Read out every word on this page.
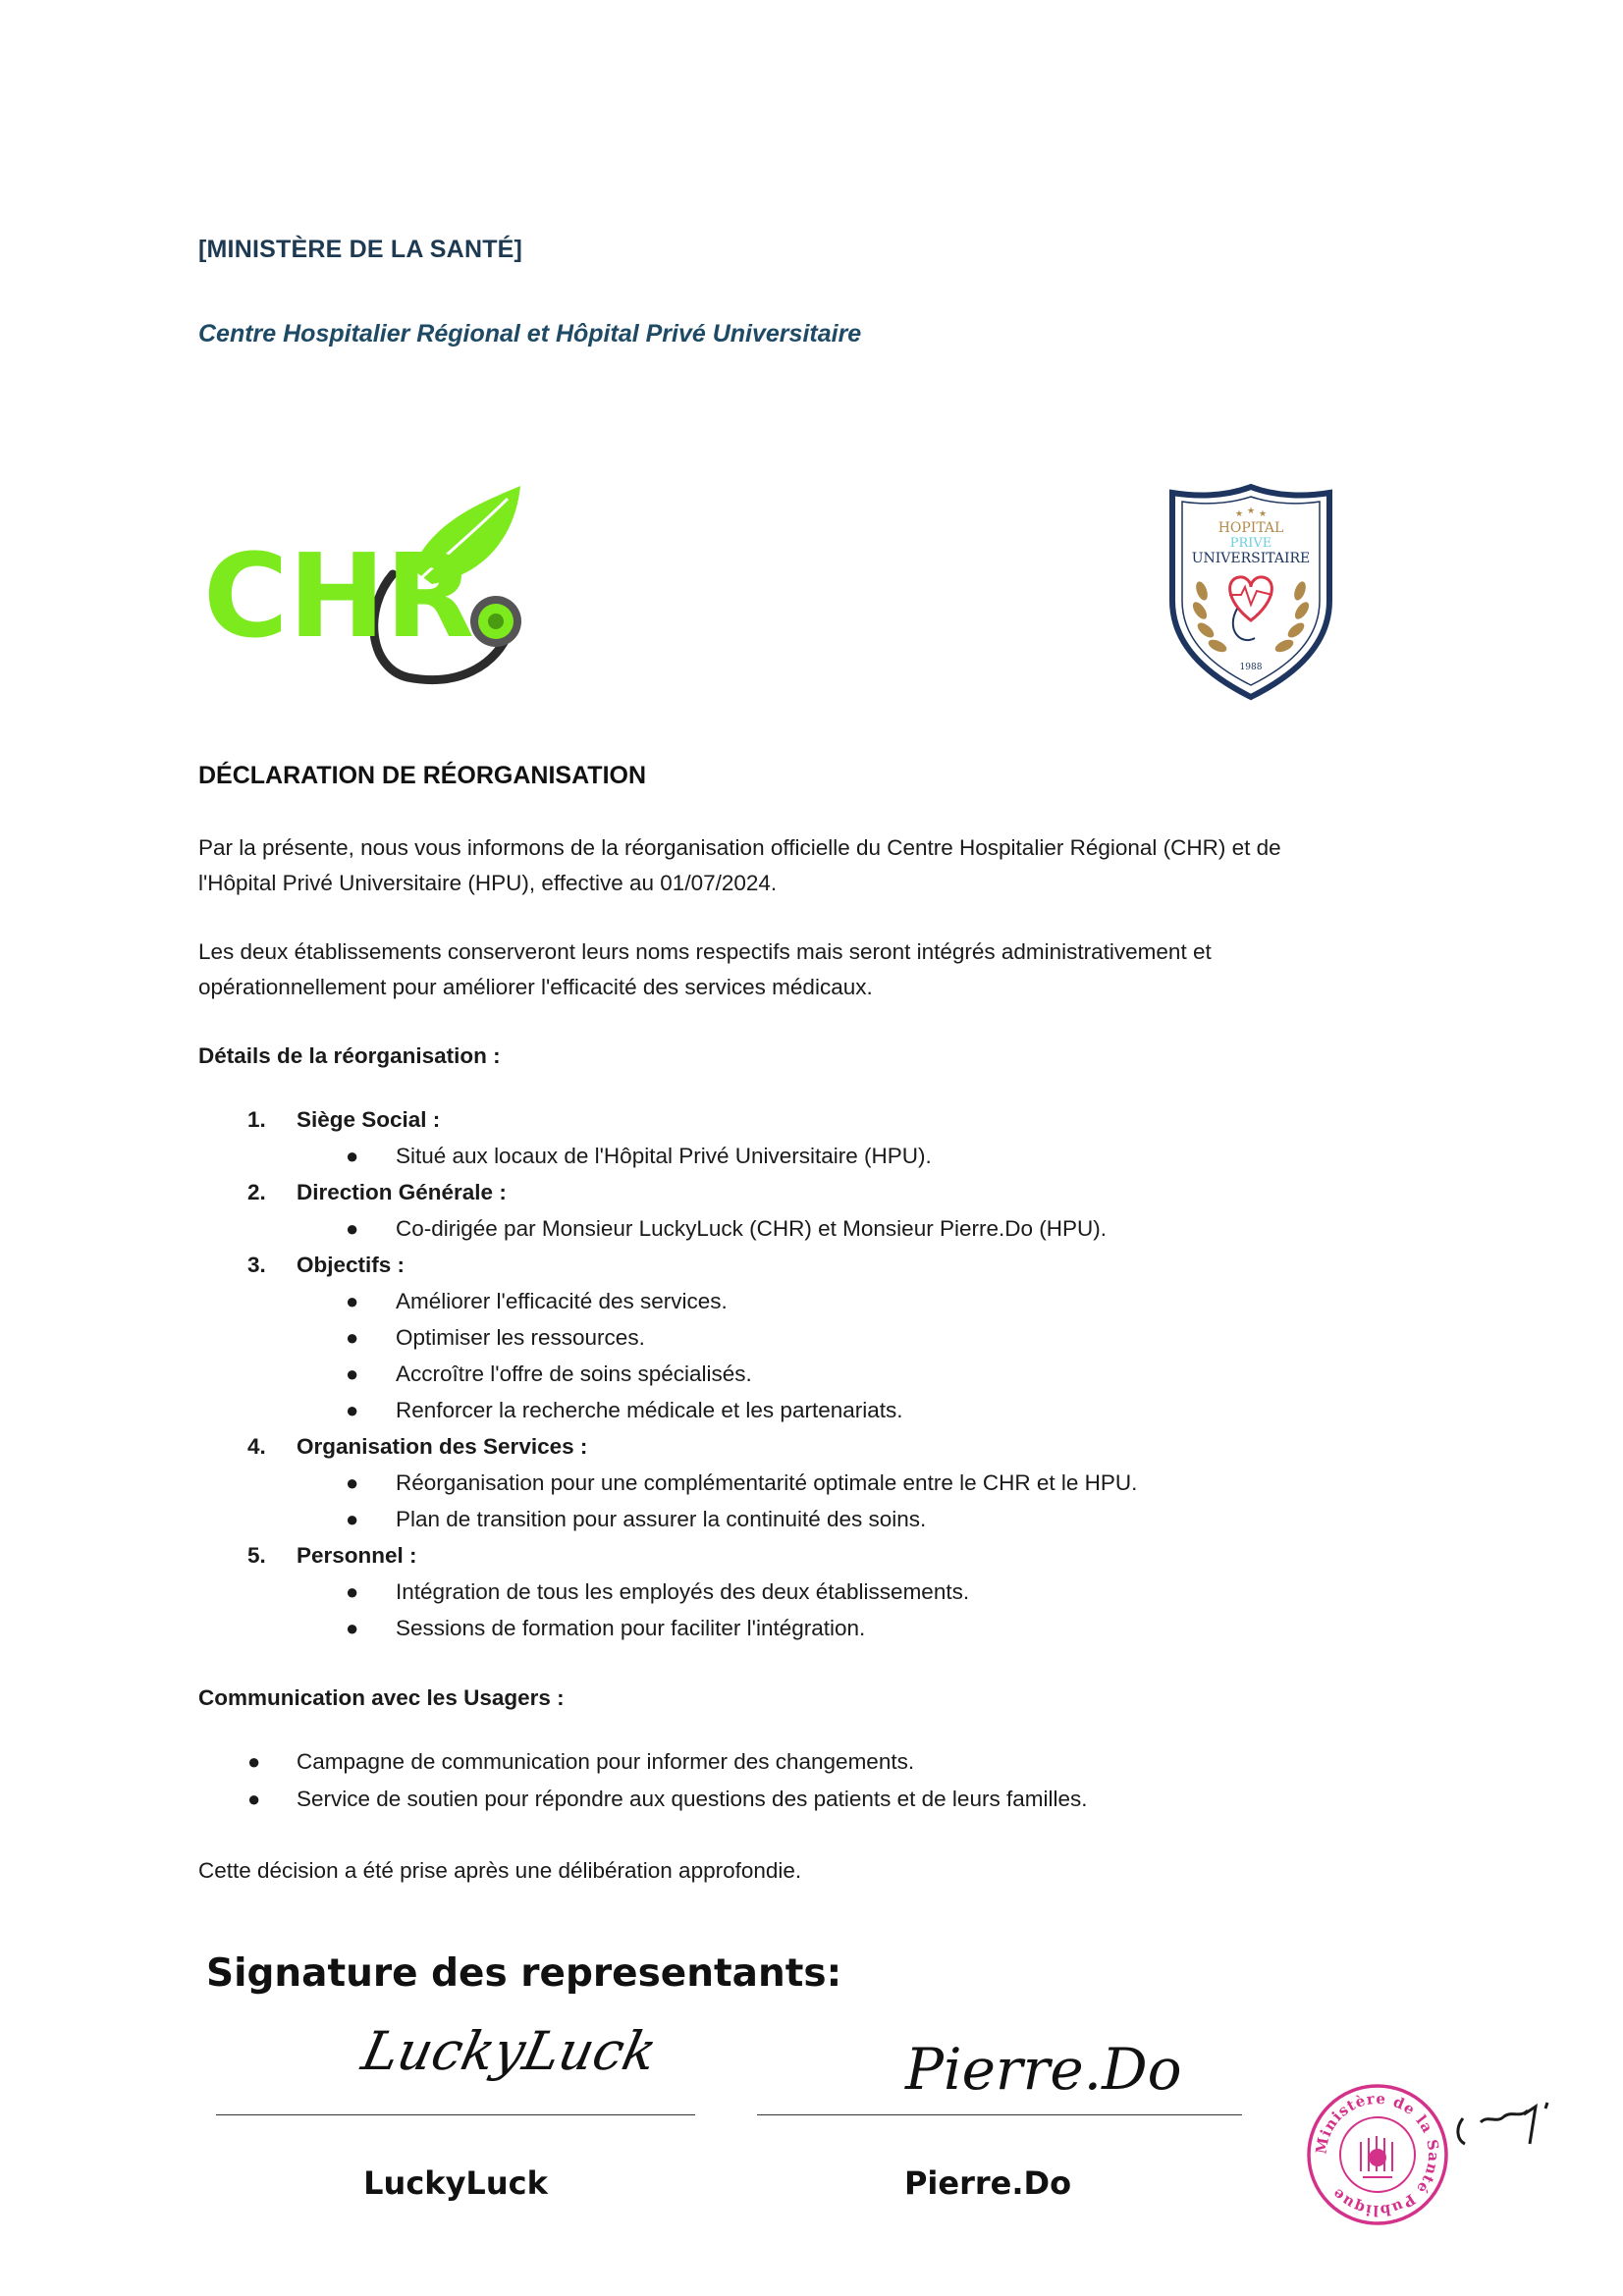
[MINISTÈRE DE LA SANTÉ]
Centre Hospitalier Régional et Hôpital Privé Universitaire
CHR
★ ★ ★
HOPITAL
PRIVE
UNIVERSITAIRE
1988
DÉCLARATION DE RÉORGANISATION
Par la présente, nous vous informons de la réorganisation officielle du Centre Hospitalier Régional (CHR) et de
l'Hôpital Privé Universitaire (HPU), effective au 01/07/2024.
Les deux établissements conserveront leurs noms respectifs mais seront intégrés administrativement et
opérationnellement pour améliorer l'efficacité des services médicaux.
Détails de la réorganisation :
1. Siège Social :
● Situé aux locaux de l'Hôpital Privé Universitaire (HPU).
2. Direction Générale :
● Co-dirigée par Monsieur LuckyLuck (CHR) et Monsieur Pierre.Do (HPU).
3. Objectifs :
● Améliorer l'efficacité des services.
● Optimiser les ressources.
● Accroître l'offre de soins spécialisés.
● Renforcer la recherche médicale et les partenariats.
4. Organisation des Services :
● Réorganisation pour une complémentarité optimale entre le CHR et le HPU.
● Plan de transition pour assurer la continuité des soins.
5. Personnel :
● Intégration de tous les employés des deux établissements.
● Sessions de formation pour faciliter l'intégration.
Communication avec les Usagers :
● Campagne de communication pour informer des changements.
● Service de soutien pour répondre aux questions des patients et de leurs familles.
Cette décision a été prise après une délibération approfondie.
Signature des representants:
LuckyLuck
LuckyLuck
Pierre.Do
Pierre.Do
Ministère de la Santé Publique
